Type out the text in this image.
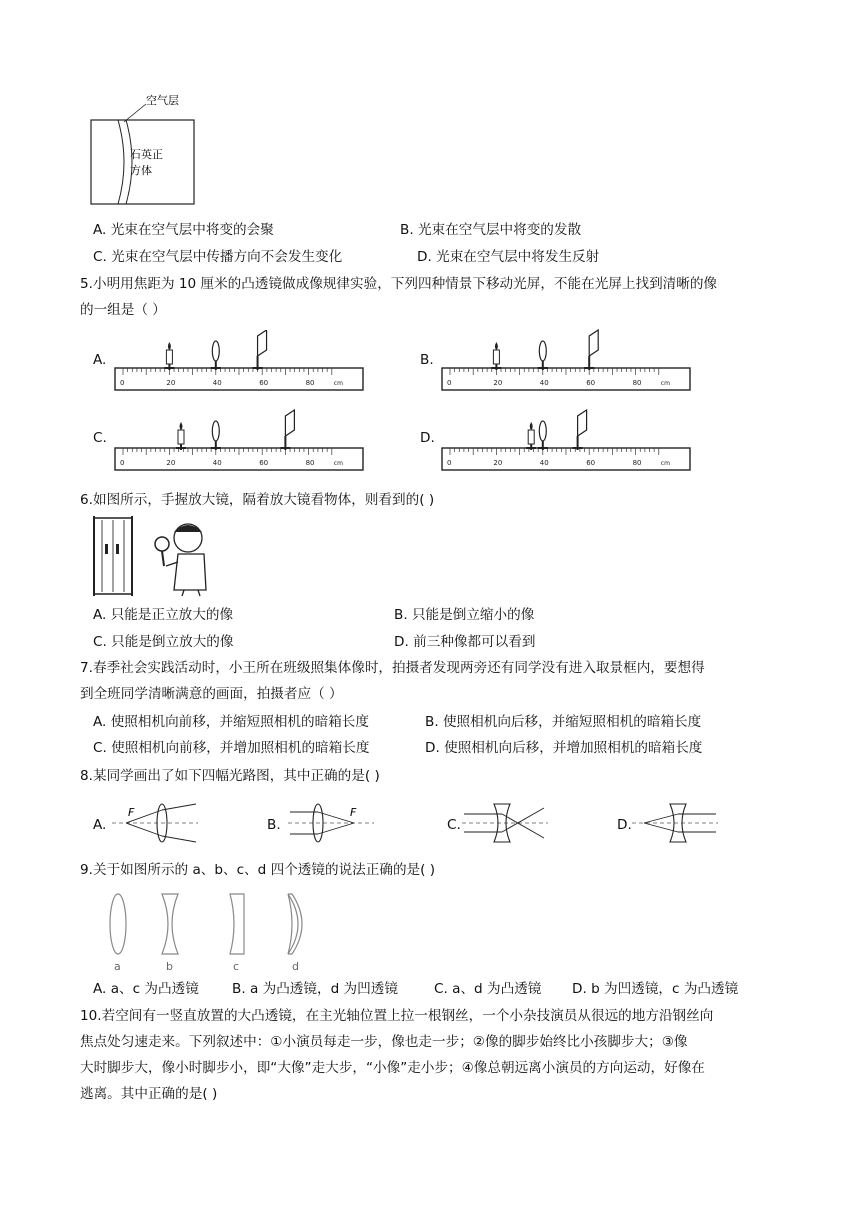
空气层
石英正
方体
A. 光束在空气层中将变的会聚	B. 光束在空气层中将变的发散
C. 光束在空气层中传播方向不会发生变化	D. 光束在空气层中将发生反射
5.小明用焦距为 10 厘米的凸透镜做成像规律实验，下列四种情景下移动光屏，不能在光屏上找到清晰的像
的一组是（ ）
A.	B.
C.	D.
0	20	40	60	80	cm	0	20	40	60	80	cm
0	20	40	60	80	cm	0	20	40	60	80	cm
6.如图所示，手握放大镜，隔着放大镜看物体，则看到的( )
A. 只能是正立放大的像	B. 只能是倒立缩小的像
C. 只能是倒立放大的像	D. 前三种像都可以看到
7.春季社会实践活动时，小王所在班级照集体像时，拍摄者发现两旁还有同学没有进入取景框内，要想得
到全班同学清晰满意的画面，拍摄者应（ ）
A. 使照相机向前移，并缩短照相机的暗箱长度	B. 使照相机向后移，并缩短照相机的暗箱长度
C. 使照相机向前移，并增加照相机的暗箱长度	D. 使照相机向后移，并增加照相机的暗箱长度
8.某同学画出了如下四幅光路图，其中正确的是( )
A.	B.	C.	D.
F	F
9.关于如图所示的 a、b、c、d 四个透镜的说法正确的是( )
a	b	c	d
A. a、c 为凸透镜 B. a 为凸透镜，d 为凹透镜	C. a、d 为凸透镜 D. b 为凹透镜，c 为凸透镜
10.若空间有一竖直放置的大凸透镜，在主光轴位置上拉一根钢丝，一个小杂技演员从很远的地方沿钢丝向
焦点处匀速走来。下列叙述中：①小演员每走一步，像也走一步；②像的脚步始终比小孩脚步大；③像
大时脚步大，像小时脚步小，即“大像”走大步，“小像”走小步；④像总朝远离小演员的方向运动，好像在
逃离。其中正确的是( )
